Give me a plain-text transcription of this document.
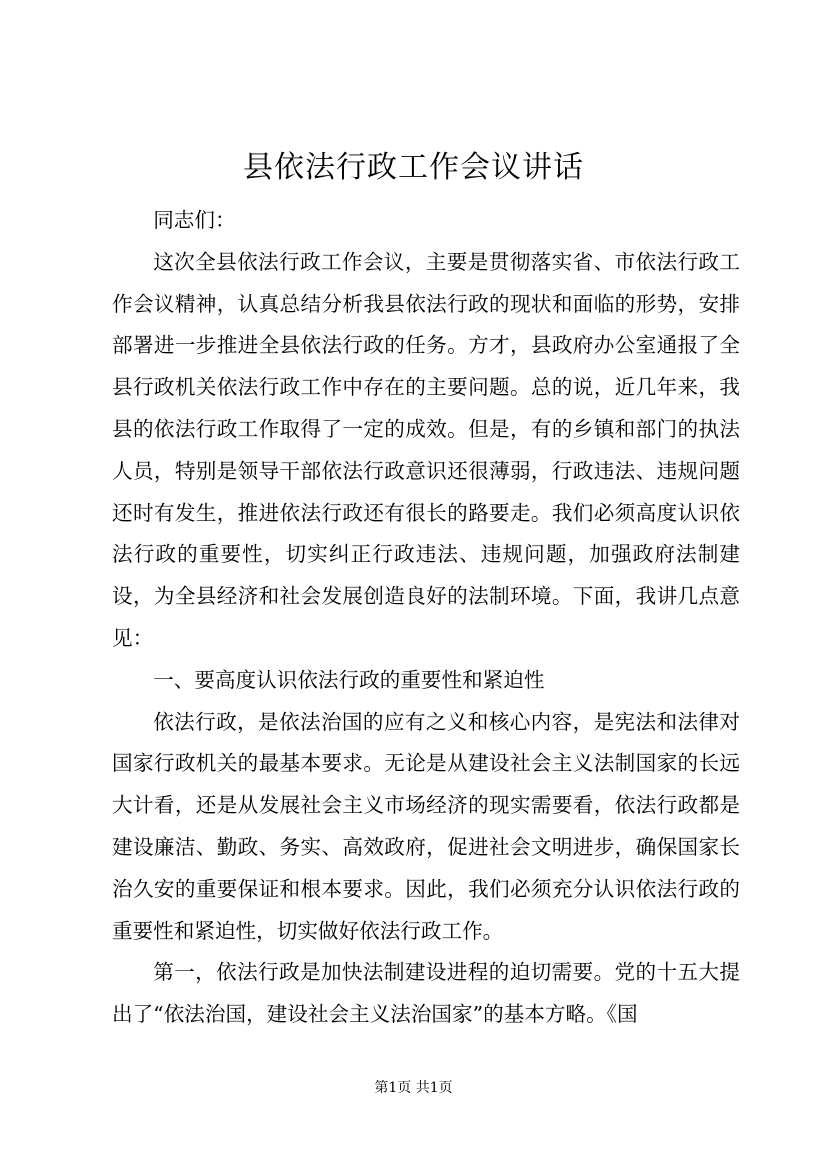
县依法行政工作会议讲话

同志们：

这次全县依法行政工作会议，主要是贯彻落实省、市依法行政工作会议精神，认真总结分析我县依法行政的现状和面临的形势，安排部署进一步推进全县依法行政的任务。方才，县政府办公室通报了全县行政机关依法行政工作中存在的主要问题。总的说，近几年来，我县的依法行政工作取得了一定的成效。但是，有的乡镇和部门的执法人员，特别是领导干部依法行政意识还很薄弱，行政违法、违规问题还时有发生，推进依法行政还有很长的路要走。我们必须高度认识依法行政的重要性，切实纠正行政违法、违规问题，加强政府法制建设，为全县经济和社会发展创造良好的法制环境。下面，我讲几点意见：

一、要高度认识依法行政的重要性和紧迫性

依法行政，是依法治国的应有之义和核心内容，是宪法和法律对国家行政机关的最基本要求。无论是从建设社会主义法制国家的长远大计看，还是从发展社会主义市场经济的现实需要看，依法行政都是建设廉洁、勤政、务实、高效政府，促进社会文明进步，确保国家长治久安的重要保证和根本要求。因此，我们必须充分认识依法行政的重要性和紧迫性，切实做好依法行政工作。

第一，依法行政是加快法制建设进程的迫切需要。党的十五大提出了“依法治国，建设社会主义法治国家”的基本方略。《国

第1页 共1页
